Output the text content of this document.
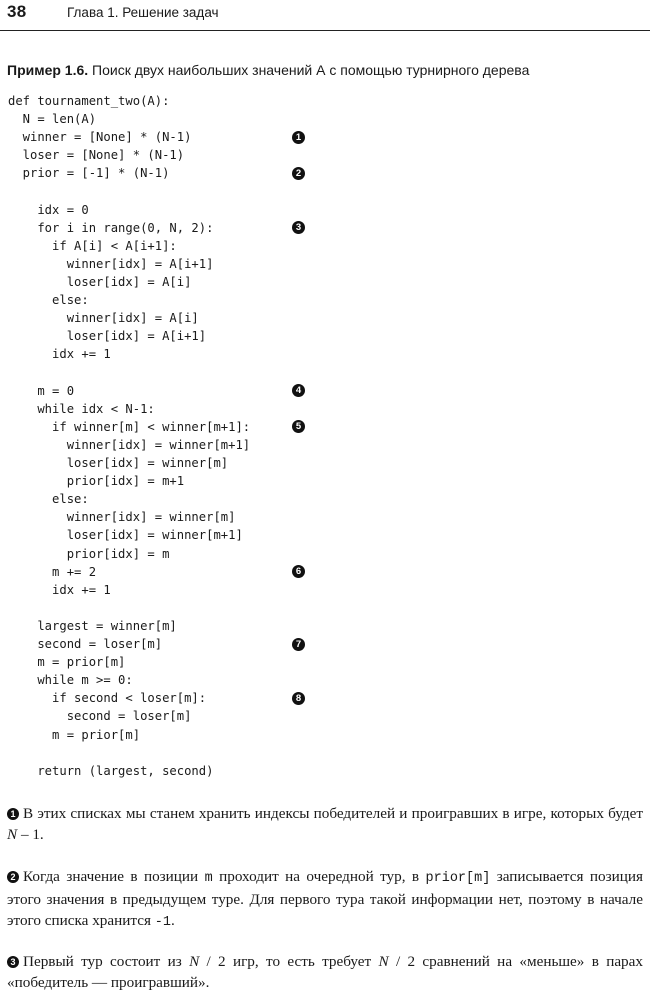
38	Глава 1. Решение задач
Пример 1.6. Поиск двух наибольших значений А с помощью турнирного дерева
def tournament_two(A):
N = len(A)
winner = [None] * (N-1)
loser = [None] * (N-1)
prior = [-1] * (N-1)
idx = 0
for i in range(0, N, 2):
if A[i] < A[i+1]:
winner[idx] = A[i+1]
loser[idx] = A[i]
else:
winner[idx] = A[i]
loser[idx] = A[i+1]
idx += 1
m = 0
while idx < N-1:
if winner[m] < winner[m+1]:
winner[idx] = winner[m+1]
loser[idx] = winner[m]
prior[idx] = m+1
else:
winner[idx] = winner[m]
loser[idx] = winner[m+1]
prior[idx] = m
m += 2
idx += 1
largest = winner[m]
second = loser[m]
m = prior[m]
while m >= 0:
if second < loser[m]:
second = loser[m]
m = prior[m]
return (largest, second)
1
2
3
4
5
6
7
8
1 В этих списках мы станем хранить индексы победителей и проигравших в игре, которых будет N – 1.
2 Когда значение в позиции m проходит на очередной тур, в prior[m] записывается позиция этого значения в предыдущем туре. Для первого тура такой информации нет, поэтому в начале этого списка хранится -1.
3 Первый тур состоит из N / 2 игр, то есть требует N / 2 сравнений на «меньше» в парах «победитель — проигравший».
